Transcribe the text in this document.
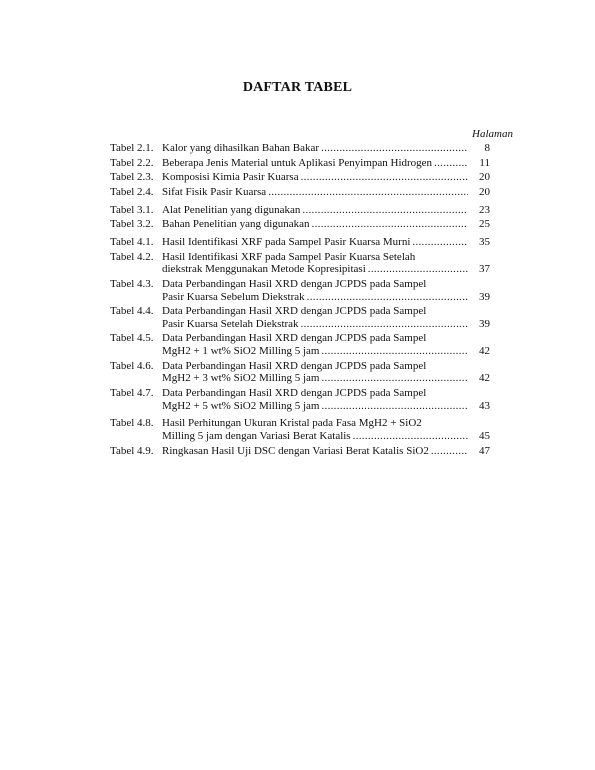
DAFTAR TABEL
Halaman
Tabel 2.1. Kalor yang dihasilkan Bahan Bakar .....	8
Tabel 2.2. Beberapa Jenis Material untuk Aplikasi Penyimpan Hidrogen .....	11
Tabel 2.3. Komposisi Kimia Pasir Kuarsa .....	20
Tabel 2.4. Sifat Fisik Pasir Kuarsa .....	20
Tabel 3.1. Alat Penelitian yang digunakan .....	23
Tabel 3.2. Bahan Penelitian yang digunakan .....	25
Tabel 4.1. Hasil Identifikasi XRF pada Sampel Pasir Kuarsa Murni .....	35
Tabel 4.2. Hasil Identifikasi XRF pada Sampel Pasir Kuarsa Setelah
diekstrak Menggunakan Metode Kopresipitasi .....	37
Tabel 4.3. Data Perbandingan Hasil XRD dengan JCPDS pada Sampel
Pasir Kuarsa Sebelum Diekstrak .....	39
Tabel 4.4. Data Perbandingan Hasil XRD dengan JCPDS pada Sampel
Pasir Kuarsa Setelah Diekstrak .....	39
Tabel 4.5. Data Perbandingan Hasil XRD dengan JCPDS pada Sampel
MgH2 + 1 wt% SiO2 Milling 5 jam .....	42
Tabel 4.6. Data Perbandingan Hasil XRD dengan JCPDS pada Sampel
MgH2 + 3 wt% SiO2 Milling 5 jam .....	42
Tabel 4.7. Data Perbandingan Hasil XRD dengan JCPDS pada Sampel
MgH2 + 5 wt% SiO2 Milling 5 jam .....	43
Tabel 4.8. Hasil Perhitungan Ukuran Kristal pada Fasa MgH2 + SiO2
Milling 5 jam dengan Variasi Berat Katalis .....	45
Tabel 4.9. Ringkasan Hasil Uji DSC dengan Variasi Berat Katalis SiO2 .....	47
